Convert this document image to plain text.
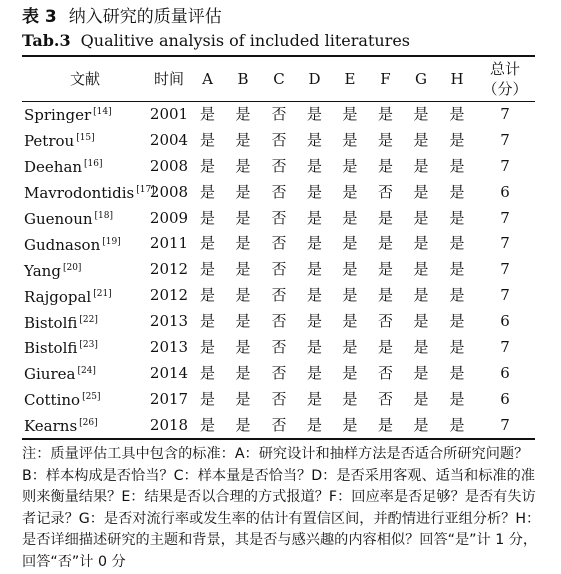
表 3 纳入研究的质量评估
Tab.3 Qualitive analysis of included literatures
文献	时间	A	B	C	D	E	F	G	H	总计
（分）
Springer [14]	2001	是	是	否	是	是	是	是	是	7
Petrou [15]	2004	是	是	否	是	是	是	是	是	7
Deehan [16]	2008	是	是	否	是	是	是	是	是	7
Mavrodontidis [17]	2008	是	是	否	是	是	否	是	是	6
Guenoun [18]	2009	是	是	否	是	是	是	是	是	7
Gudnason [19]	2011	是	是	否	是	是	是	是	是	7
Yang [20]	2012	是	是	否	是	是	是	是	是	7
Rajgopal [21]	2012	是	是	否	是	是	是	是	是	7
Bistolfi [22]	2013	是	是	否	是	是	否	是	是	6
Bistolfi [23]	2013	是	是	否	是	是	是	是	是	7
Giurea [24]	2014	是	是	否	是	是	否	是	是	6
Cottino [25]	2017	是	是	否	是	是	否	是	是	6
Kearns [26]	2018	是	是	否	是	是	是	是	是	7
注：质量评估工具中包含的标准：A：研究设计和抽样方法是否适合所研究问题？B：样本构成是否恰当？C：样本量是否恰当？D：是否采用客观、适当和标准的准则来衡量结果？E：结果是否以合理的方式报道？F：回应率是否足够？是否有失访者记录？G：是否对流行率或发生率的估计有置信区间，并酌情进行亚组分析？H：是否详细描述研究的主题和背景，其是否与感兴趣的内容相似？回答“是”计 1 分，回答“否”计 0 分
